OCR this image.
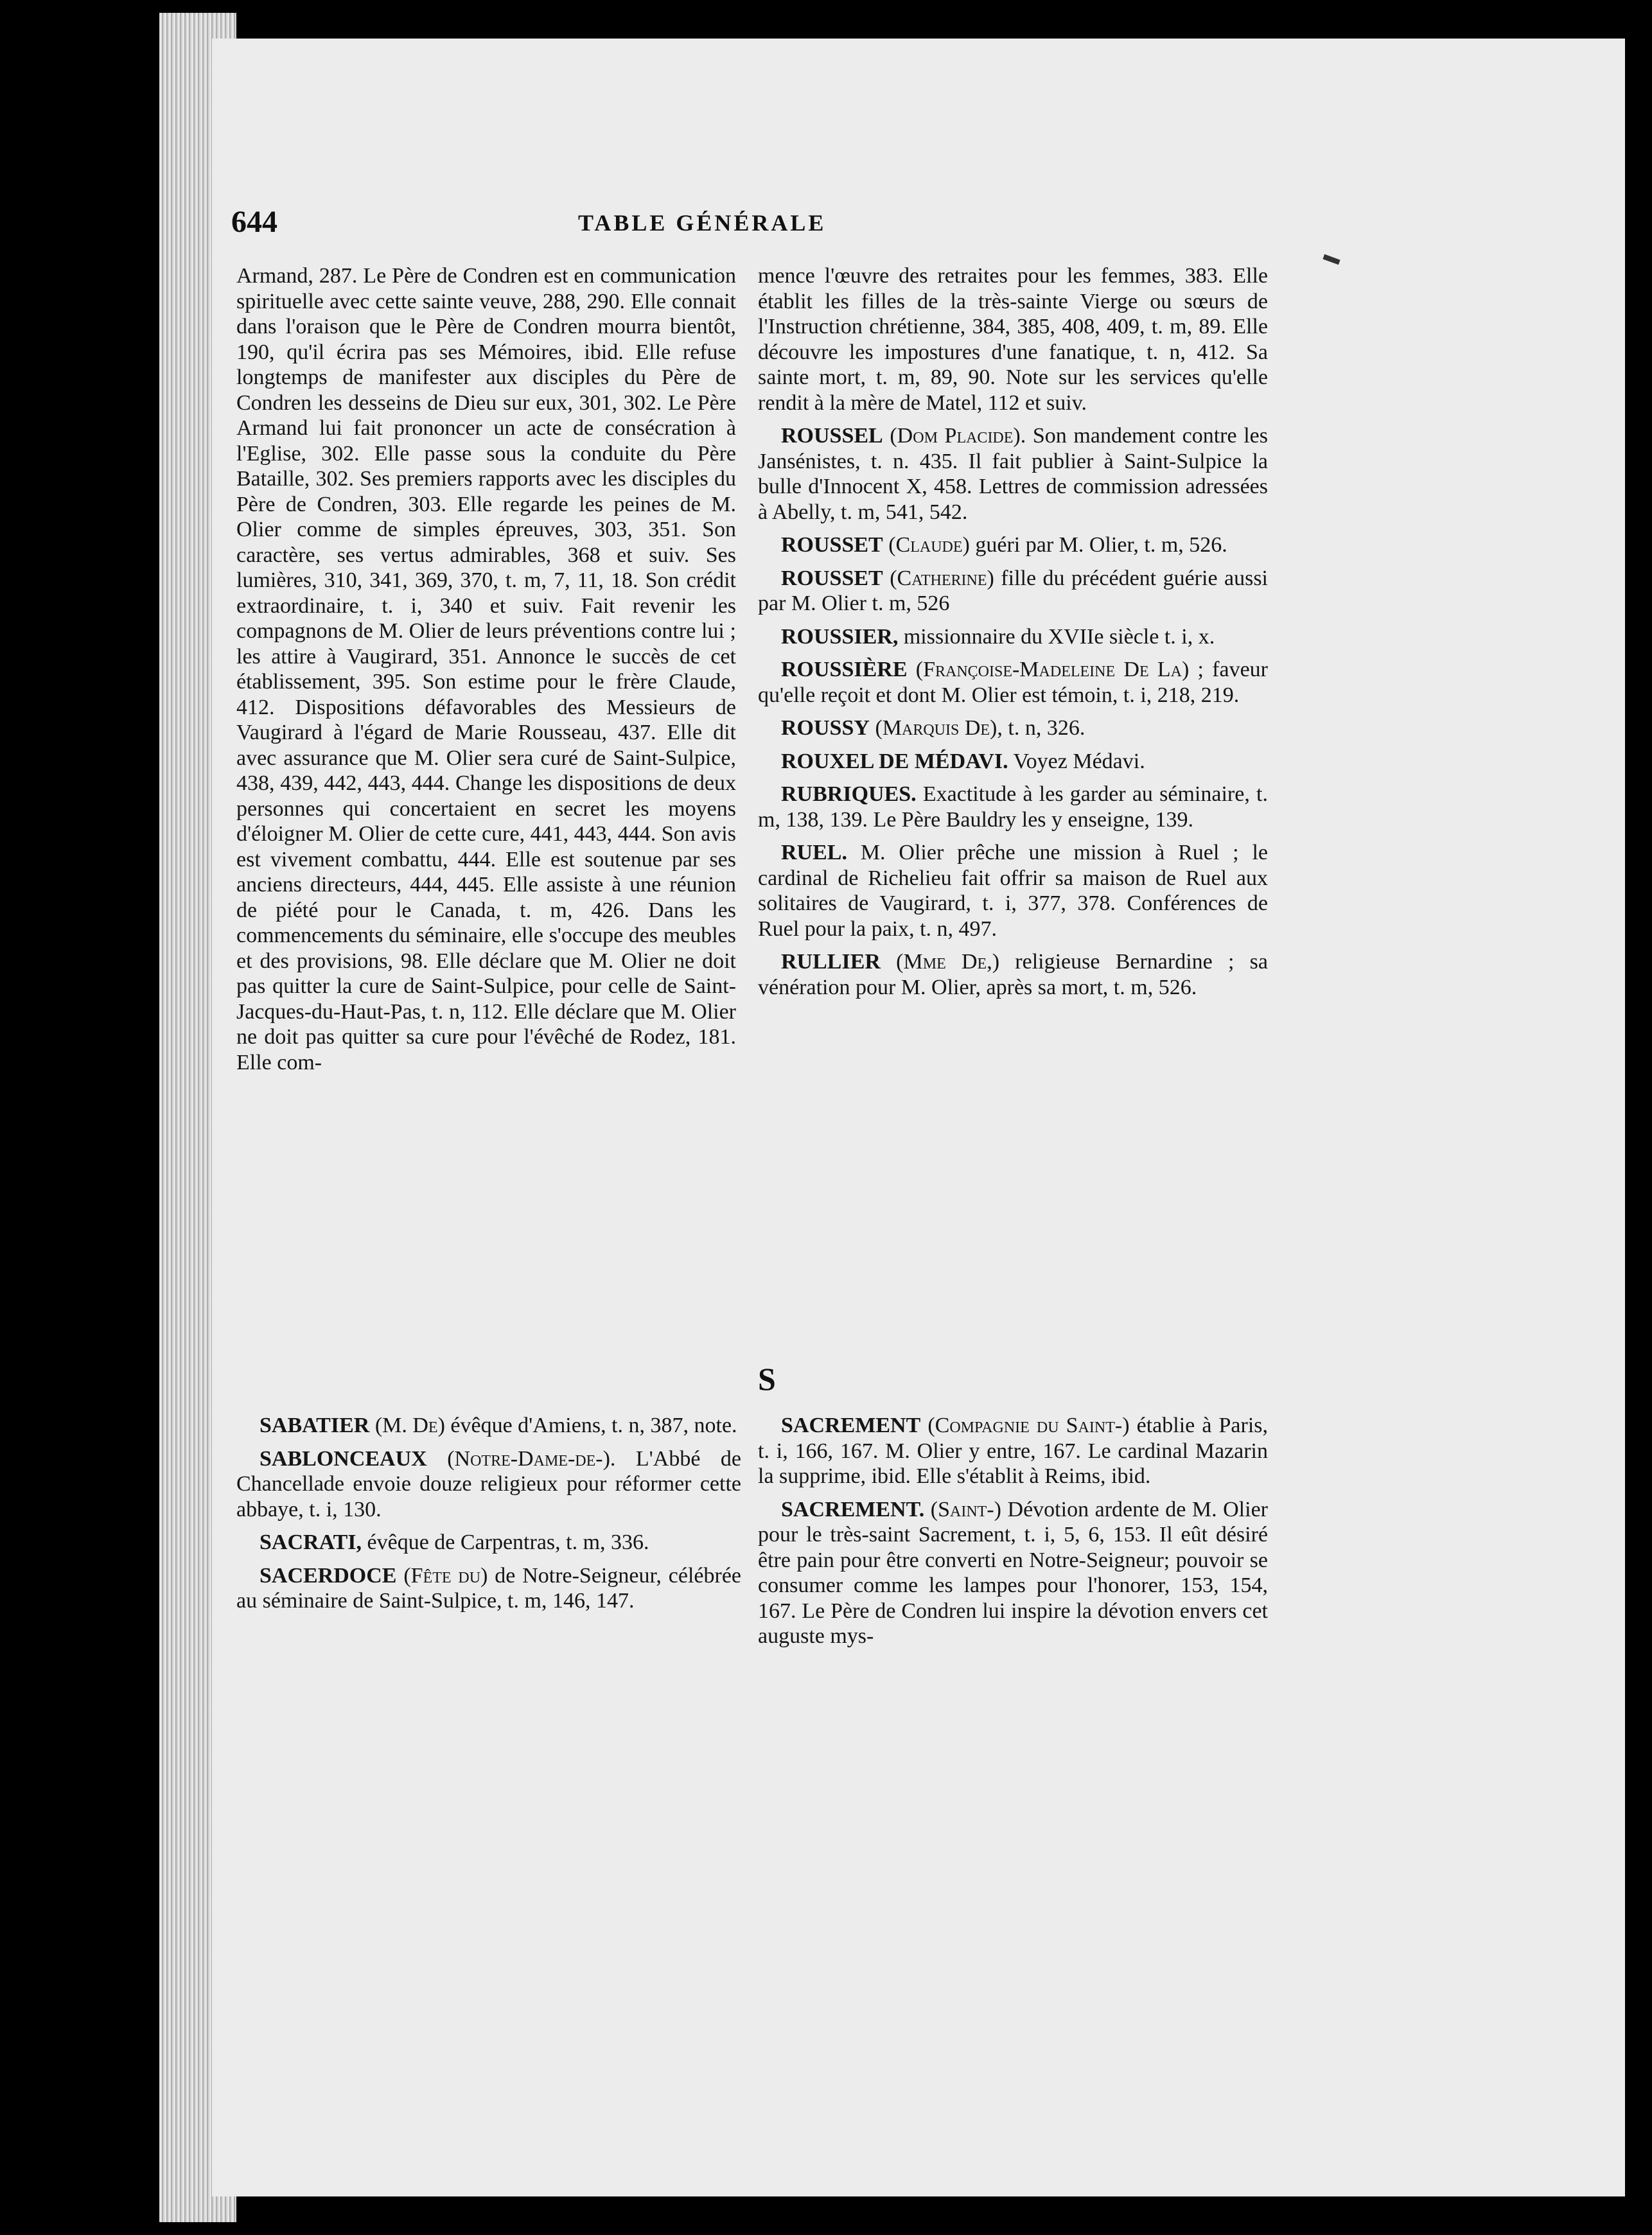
644	TABLE GÉNÉRALE

Armand, 287. Le Père de Condren est en communication spirituelle avec cette sainte veuve, 288, 290. Elle connait dans l'oraison que le Père de Condren mourra bientôt, 190, qu'il écrira pas ses Mémoires, ibid. Elle refuse longtemps de manifester aux disciples du Père de Condren les desseins de Dieu sur eux, 301, 302. Le Père Armand lui fait prononcer un acte de consécration à l'Eglise, 302. Elle passe sous la conduite du Père Bataille, 302. Ses premiers rapports avec les disciples du Père de Condren, 303. Elle regarde les peines de M. Olier comme de simples épreuves, 303, 351. Son caractère, ses vertus admirables, 368 et suiv. Ses lumières, 310, 341, 369, 370, t. m, 7, 11, 18. Son crédit extraordinaire, t. i, 340 et suiv. Fait revenir les compagnons de M. Olier de leurs préventions contre lui ; les attire à Vaugirard, 351. Annonce le succès de cet établissement, 395. Son estime pour le frère Claude, 412. Dispositions défavorables des Messieurs de Vaugirard à l'égard de Marie Rousseau, 437. Elle dit avec assurance que M. Olier sera curé de Saint-Sulpice, 438, 439, 442, 443, 444. Change les dispositions de deux personnes qui concertaient en secret les moyens d'éloigner M. Olier de cette cure, 441, 443, 444. Son avis est vivement combattu, 444. Elle est soutenue par ses anciens directeurs, 444, 445. Elle assiste à une réunion de piété pour le Canada, t. m, 426. Dans les commencements du séminaire, elle s'occupe des meubles et des provisions, 98. Elle déclare que M. Olier ne doit pas quitter la cure de Saint-Sulpice, pour celle de Saint-Jacques-du-Haut-Pas, t. n, 112. Elle déclare que M. Olier ne doit pas quitter sa cure pour l'évêché de Rodez, 181. Elle com-

mence l'œuvre des retraites pour les femmes, 383. Elle établit les filles de la très-sainte Vierge ou sœurs de l'Instruction chrétienne, 384, 385, 408, 409, t. m, 89. Elle découvre les impostures d'une fanatique, t. n, 412. Sa sainte mort, t. m, 89, 90. Note sur les services qu'elle rendit à la mère de Matel, 112 et suiv.

ROUSSEL (Dom Placide). Son mandement contre les Jansénistes, t. n. 435. Il fait publier à Saint-Sulpice la bulle d'Innocent X, 458. Lettres de commission adressées à Abelly, t. m, 541, 542.

ROUSSET (Claude) guéri par M. Olier, t. m, 526.

ROUSSET (Catherine) fille du précédent guérie aussi par M. Olier t. m, 526

ROUSSIER, missionnaire du XVIIe siècle t. i, x.

ROUSSIÈRE (Françoise-Madeleine De La) ; faveur qu'elle reçoit et dont M. Olier est témoin, t. i, 218, 219.

ROUSSY (Marquis De), t. n, 326.

ROUXEL DE MÉDAVI. Voyez Médavi.

RUBRIQUES. Exactitude à les garder au séminaire, t. m, 138, 139. Le Père Bauldry les y enseigne, 139.

RUEL. M. Olier prêche une mission à Ruel ; le cardinal de Richelieu fait offrir sa maison de Ruel aux solitaires de Vaugirard, t. i, 377, 378. Conférences de Ruel pour la paix, t. n, 497.

RULLIER (Mme De,) religieuse Bernardine ; sa vénération pour M. Olier, après sa mort, t. m, 526.

S

SABATIER (M. De) évêque d'Amiens, t. n, 387, note.

SABLONCEAUX (Notre-Dame-de-). L'Abbé de Chancellade envoie douze religieux pour réformer cette abbaye, t. i, 130.

SACRATI, évêque de Carpentras, t. m, 336.

SACERDOCE (Fête du) de Notre-Seigneur, célébrée au séminaire de Saint-Sulpice, t. m, 146, 147.

SACREMENT (Compagnie du Saint-) établie à Paris, t. i, 166, 167. M. Olier y entre, 167. Le cardinal Mazarin la supprime, ibid. Elle s'établit à Reims, ibid.

SACREMENT. (Saint-) Dévotion ardente de M. Olier pour le très-saint Sacrement, t. i, 5, 6, 153. Il eût désiré être pain pour être converti en Notre-Seigneur; pouvoir se consumer comme les lampes pour l'honorer, 153, 154, 167. Le Père de Condren lui inspire la dévotion envers cet auguste mys-
